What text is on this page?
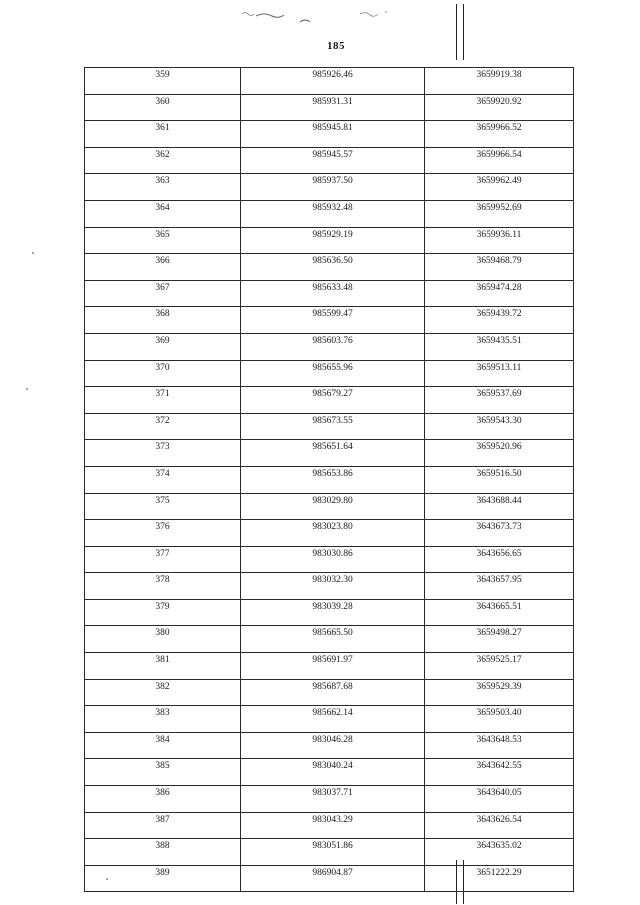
185
359	985926.46	3659919.38
360	985931.31	3659920.92
361	985945.81	3659966.52
362	985945.57	3659966.54
363	985937.50	3659962.49
364	985932.48	3659952.69
365	985929.19	3659936.11
366	985636.50	3659468.79
367	985633.48	3659474.28
368	985599.47	3659439.72
369	985603.76	3659435.51
370	985655.96	3659513.11
371	985679.27	3659537.69
372	985673.55	3659543.30
373	985651.64	3659520.96
374	985653.86	3659516.50
375	983029.80	3643688.44
376	983023.80	3643673.73
377	983030.86	3643656.65
378	983032.30	3643657.95
379	983039.28	3643665.51
380	985665.50	3659498.27
381	985691.97	3659525.17
382	985687.68	3659529.39
383	985662.14	3659503.40
384	983046.28	3643648.53
385	983040.24	3643642.55
386	983037.71	3643640.05
387	983043.29	3643626.54
388	983051.86	3643635.02
389	986904.87	3651222.29
